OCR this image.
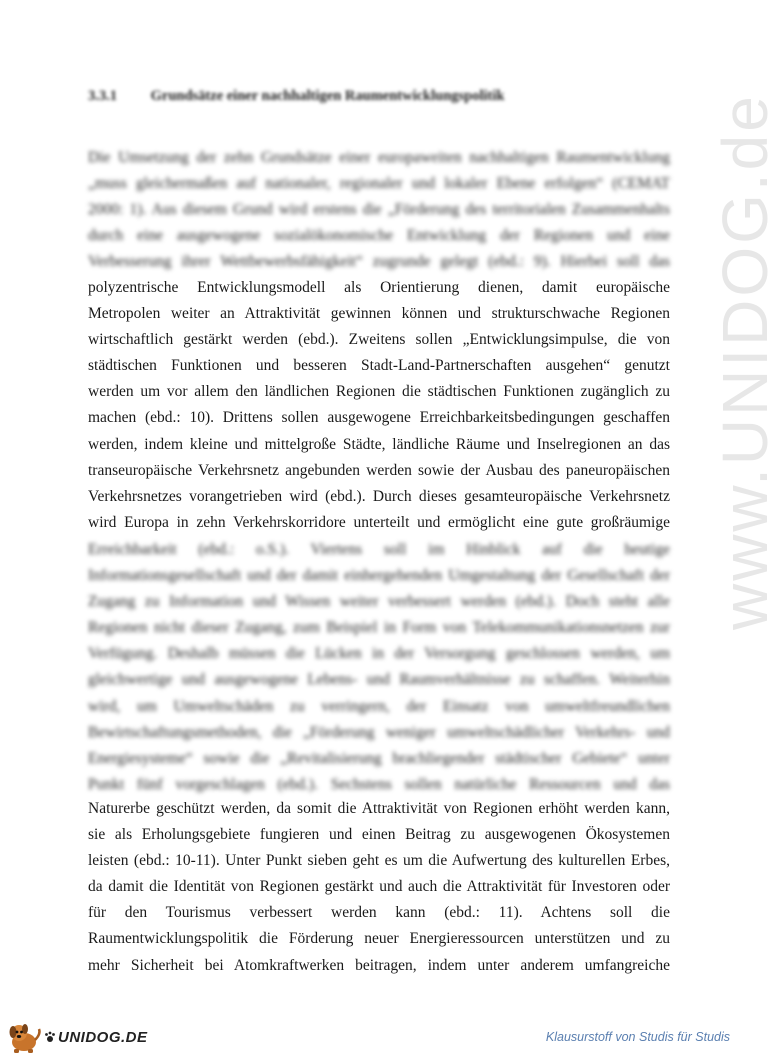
www.UNIDOG.de
3.3.1 Grundsätze einer nachhaltigen Raumentwicklungspolitik
Die Umsetzung der zehn Grundsätze einer europaweiten nachhaltigen Raumentwicklung
„muss gleichermaßen auf nationaler, regionaler und lokaler Ebene erfolgen“ (CEMAT
2000: 1). Aus diesem Grund wird erstens die „Förderung des territorialen Zusammenhalts
durch eine ausgewogene sozialökonomische Entwicklung der Regionen und eine
Verbesserung ihrer Wettbewerbsfähigkeit“ zugrunde gelegt (ebd.: 9). Hierbei soll das
polyzentrische Entwicklungsmodell als Orientierung dienen, damit europäische
Metropolen weiter an Attraktivität gewinnen können und strukturschwache Regionen
wirtschaftlich gestärkt werden (ebd.). Zweitens sollen „Entwicklungsimpulse, die von
städtischen Funktionen und besseren Stadt-Land-Partnerschaften ausgehen“ genutzt
werden um vor allem den ländlichen Regionen die städtischen Funktionen zugänglich zu
machen (ebd.: 10). Drittens sollen ausgewogene Erreichbarkeitsbedingungen geschaffen
werden, indem kleine und mittelgroße Städte, ländliche Räume und Inselregionen an das
transeuropäische Verkehrsnetz angebunden werden sowie der Ausbau des paneuropäischen
Verkehrsnetzes vorangetrieben wird (ebd.). Durch dieses gesamteuropäische Verkehrsnetz
wird Europa in zehn Verkehrskorridore unterteilt und ermöglicht eine gute großräumige
Erreichbarkeit (ebd.: o.S.). Viertens soll im Hinblick auf die heutige
Informationsgesellschaft und der damit einhergehenden Umgestaltung der Gesellschaft der
Zugang zu Information und Wissen weiter verbessert werden (ebd.). Doch steht alle
Regionen nicht dieser Zugang, zum Beispiel in Form von Telekommunikationsnetzen zur
Verfügung. Deshalb müssen die Lücken in der Versorgung geschlossen werden, um
gleichwertige und ausgewogene Lebens- und Raumverhältnisse zu schaffen. Weiterhin
wird, um Umweltschäden zu verringern, der Einsatz von umweltfreundlichen
Bewirtschaftungsmethoden, die „Förderung weniger umweltschädlicher Verkehrs- und
Energiesysteme“ sowie die „Revitalisierung brachliegender städtischer Gebiete“ unter
Punkt fünf vorgeschlagen (ebd.). Sechstens sollen natürliche Ressourcen und das
Naturerbe geschützt werden, da somit die Attraktivität von Regionen erhöht werden kann,
sie als Erholungsgebiete fungieren und einen Beitrag zu ausgewogenen Ökosystemen
leisten (ebd.: 10-11). Unter Punkt sieben geht es um die Aufwertung des kulturellen Erbes,
da damit die Identität von Regionen gestärkt und auch die Attraktivität für Investoren oder
für den Tourismus verbessert werden kann (ebd.: 11). Achtens soll die
Raumentwicklungspolitik die Förderung neuer Energieressourcen unterstützen und zu
mehr Sicherheit bei Atomkraftwerken beitragen, indem unter anderem umfangreiche
UNIDOG.DE	Klausurstoff von Studis für Studis
